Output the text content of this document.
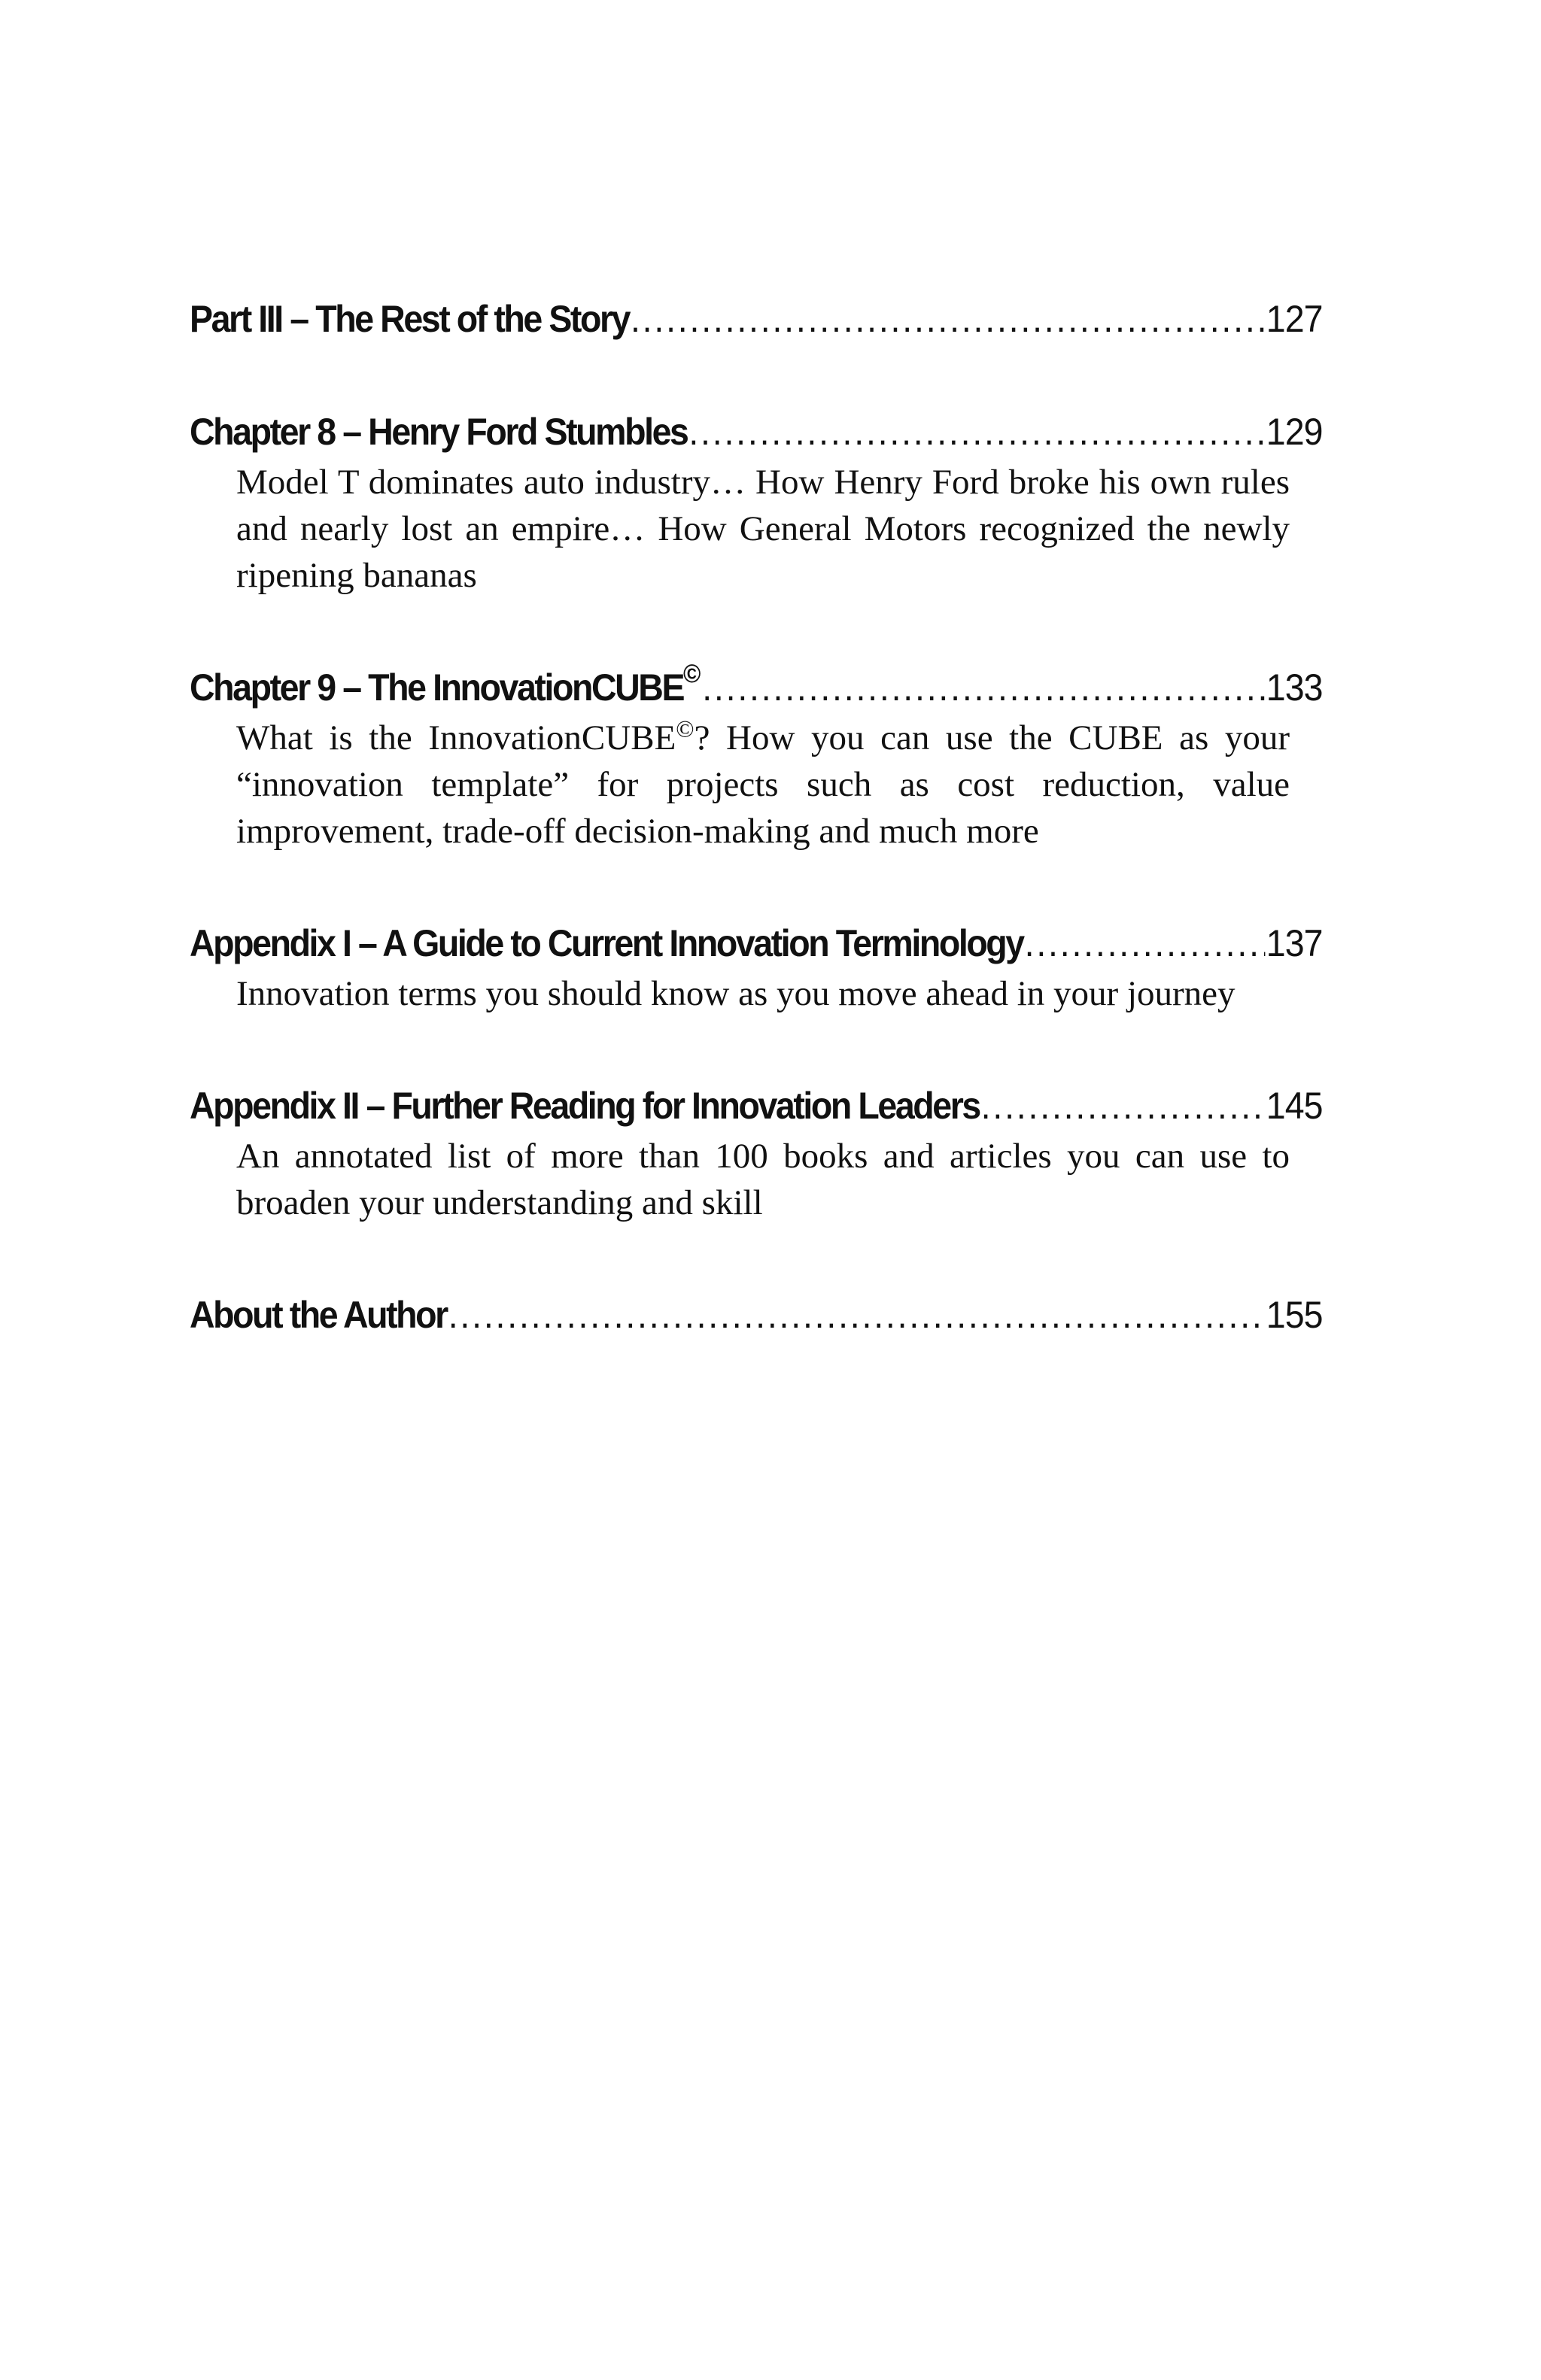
Part III – The Rest of the Story .....	127
Chapter 8 – Henry Ford Stumbles .....	129
Model T dominates auto industry… How Henry Ford broke his own rules and nearly lost an empire… How General Motors recognized the newly ripening bananas
Chapter 9 – The InnovationCUBE© .....	133
What is the InnovationCUBE©? How you can use the CUBE as your “innovation template” for projects such as cost reduction, value improvement, trade-off decision-making and much more
Appendix I – A Guide to Current Innovation Terminology .....	137
Innovation terms you should know as you move ahead in your journey
Appendix II – Further Reading for Innovation Leaders .....	145
An annotated list of more than 100 books and articles you can use to broaden your understanding and skill
About the Author .....	155
